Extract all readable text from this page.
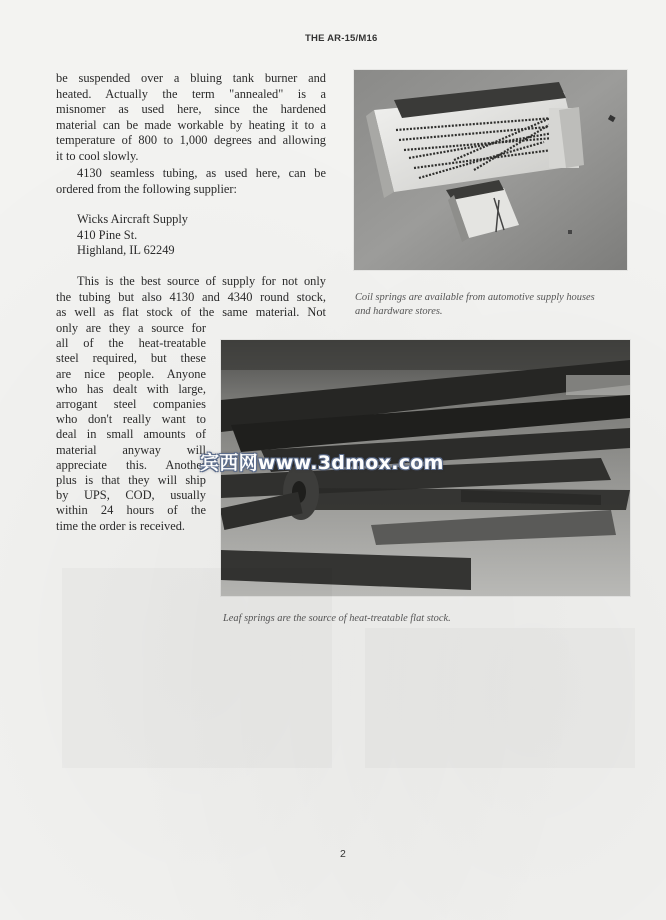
THE AR-15/M16

be suspended over a bluing tank burner and

heated. Actually the term "annealed" is a

misnomer as used here, since the hardened

material can be made workable by heating it to a

temperature of 800 to 1,000 degrees and allowing

it to cool slowly.

4130 seamless tubing, as used here, can be

ordered from the following supplier:

Wicks Aircraft Supply
410 Pine St.
Highland, IL 62249

This is the best source of supply for not only

the tubing but also 4130 and 4340 round stock,

as well as flat stock of the same material. Not

only are they a source for
all of the heat-treatable
steel required, but these
are nice people. Anyone
who has dealt with large,
arrogant steel companies
who don't really want to
deal in small amounts of
material anyway will
appreciate this. Another
plus is that they will ship
by UPS, COD, usually
within 24 hours of the
time the order is received.
Coil springs are available from automotive supply houses
and hardware stores.
Leaf springs are the source of heat-treatable flat stock.
宾西网www.3dmox.com
2
